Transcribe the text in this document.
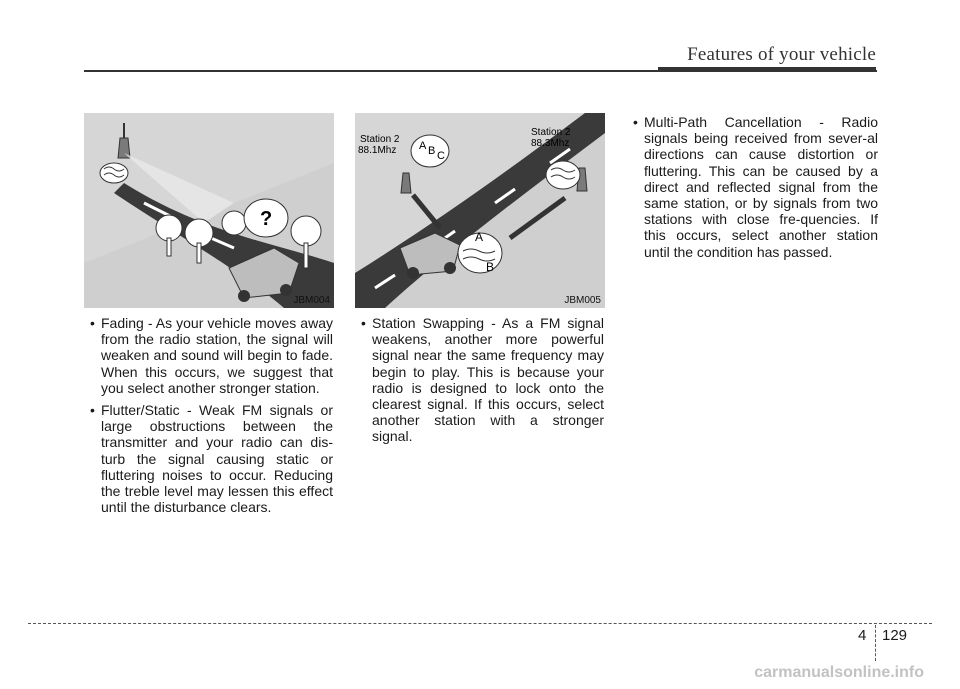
Features of your vehicle
?
JBM004
A B C
A
B
Station 2
88.1Mhz
Station 2
88.3Mhz
JBM005
• Fading - As your vehicle moves away from the radio station, the signal will weaken and sound will begin to fade. When this occurs, we suggest that you select another stronger station.
• Flutter/Static - Weak FM signals or large obstructions between the transmitter and your radio can dis-turb the signal causing static or fluttering noises to occur. Reducing the treble level may lessen this effect until the disturbance clears.
• Station Swapping - As a FM signal weakens, another more powerful signal near the same frequency may begin to play. This is because your radio is designed to lock onto the clearest signal. If this occurs, select another station with a stronger signal.
• Multi-Path Cancellation - Radio signals being received from sever-al directions can cause distortion or fluttering. This can be caused by a direct and reflected signal from the same station, or by signals from two stations with close fre-quencies. If this occurs, select another station until the condition has passed.
4 129
carmanualsonline.info
